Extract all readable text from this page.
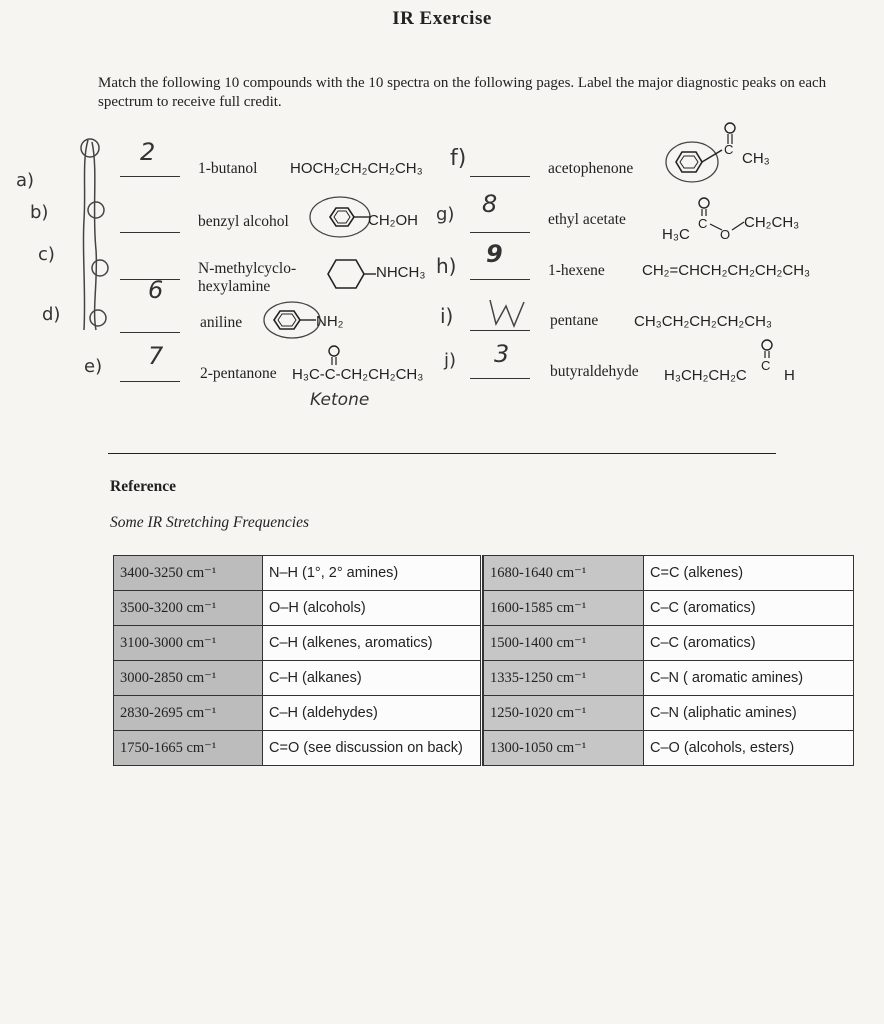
IR Exercise
Match the following 10 compounds with the 10 spectra on the following pages. Label the major diagnostic peaks on each spectrum to receive full credit.
a)
b)
c)
d)
e)
2
1-butanol HOCH₂CH₂CH₂CH₃
benzyl alcohol	CH₂OH
6
N-methylcyclo-
hexylamine
NHCH₃
aniline	NH₂
7
2-pentanone H₃C-C-CH₂CH₂CH₃
Ketone
f)
g)
h)
i)
j)
acetophenone
C
CH₃
8
ethyl acetate	C
O
H₃C
CH₂CH₃
9
1-hexene CH₂=CHCH₂CH₂CH₂CH₃
pentane CH₃CH₂CH₂CH₂CH₃
3
butyraldehyde	C
H₃CH₂CH₂C H
Reference
Some IR Stretching Frequencies
3400-3250 cm⁻¹	N–H (1°, 2° amines)		1680-1640 cm⁻¹	C=C (alkenes)
3500-3200 cm⁻¹	O–H (alcohols)		1600-1585 cm⁻¹	C–C (aromatics)
3100-3000 cm⁻¹	C–H (alkenes, aromatics)		1500-1400 cm⁻¹	C–C (aromatics)
3000-2850 cm⁻¹	C–H (alkanes)		1335-1250 cm⁻¹	C–N ( aromatic amines)
2830-2695 cm⁻¹	C–H (aldehydes)		1250-1020 cm⁻¹	C–N (aliphatic amines)
1750-1665 cm⁻¹	C=O (see discussion on back)		1300-1050 cm⁻¹	C–O (alcohols, esters)
